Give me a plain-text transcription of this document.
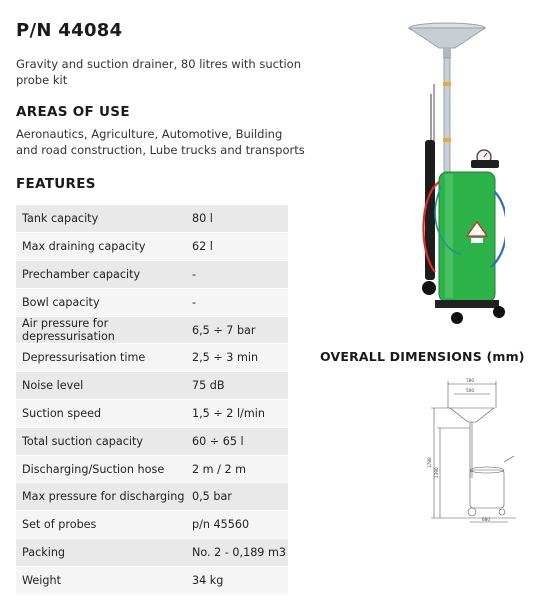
P/N 44084
Gravity and suction drainer, 80 litres with suction probe kit
AREAS OF USE
Aeronautics, Agriculture, Automotive, Building and road construction, Lube trucks and transports
FEATURES
Tank capacity	80 l
Max draining capacity	62 l
Prechamber capacity	-
Bowl capacity	-
Air pressure for depressurisation	6,5 ÷ 7 bar
Depressurisation time	2,5 ÷ 3 min
Noise level	75 dB
Suction speed	1,5 ÷ 2 l/min
Total suction capacity	60 ÷ 65 l
Discharging/Suction hose	2 m / 2 m
Max pressure for discharging	0,5 bar
Set of probes	p/n 45560
Packing	No. 2 - 0,189 m3
Weight	34 kg
OVERALL DIMENSIONS (mm)
780
500
1780
1390
680
